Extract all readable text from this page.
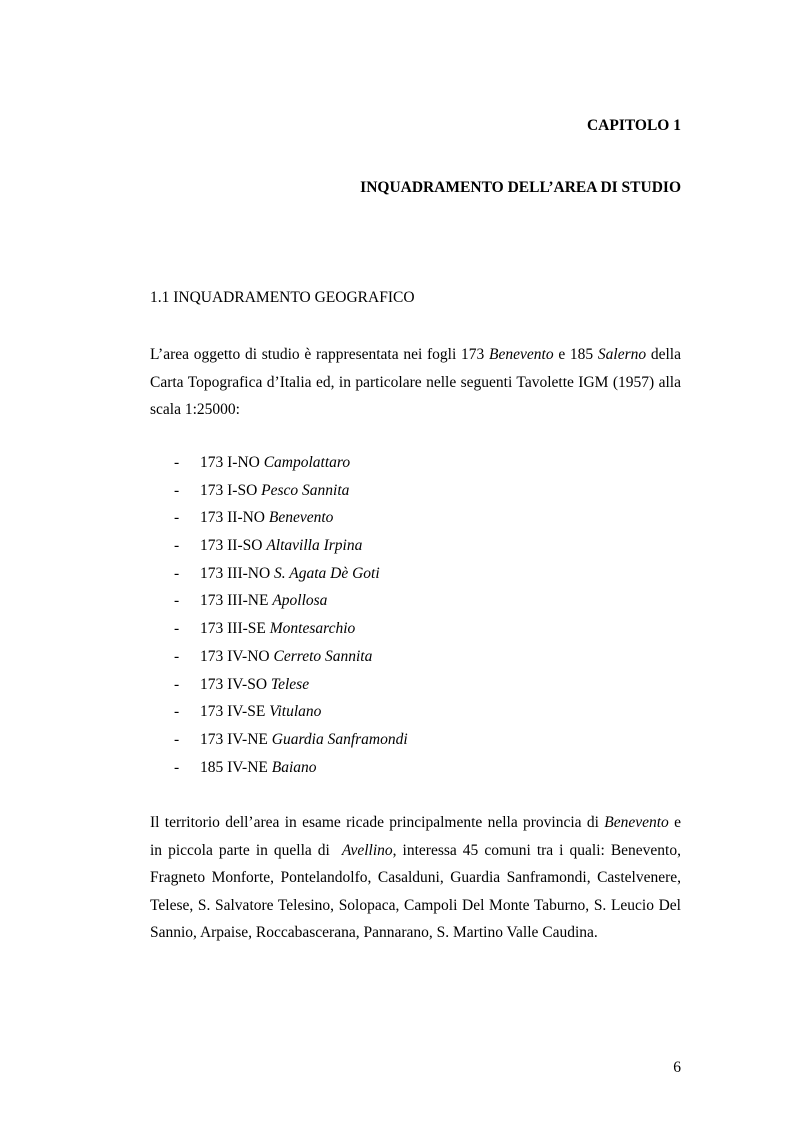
CAPITOLO 1
INQUADRAMENTO DELL’AREA DI STUDIO
1.1 INQUADRAMENTO GEOGRAFICO

L’area oggetto di studio è rappresentata nei fogli 173 Benevento e 185 Salerno della Carta Topografica d’Italia ed, in particolare nelle seguenti Tavolette IGM (1957) alla scala 1:25000:

- 173 I-NO Campolattaro
- 173 I-SO Pesco Sannita
- 173 II-NO Benevento
- 173 II-SO Altavilla Irpina
- 173 III-NO S. Agata Dè Goti
- 173 III-NE Apollosa
- 173 III-SE Montesarchio
- 173 IV-NO Cerreto Sannita
- 173 IV-SO Telese
- 173 IV-SE Vitulano
- 173 IV-NE Guardia Sanframondi
- 185 IV-NE Baiano

Il territorio dell’area in esame ricade principalmente nella provincia di Benevento e in piccola parte in quella di  Avellino, interessa 45 comuni tra i quali: Benevento, Fragneto Monforte, Pontelandolfo, Casalduni, Guardia Sanframondi, Castelvenere, Telese, S. Salvatore Telesino, Solopaca, Campoli Del Monte Taburno, S. Leucio Del Sannio, Arpaise, Roccabascerana, Pannarano, S. Martino Valle Caudina.

6
